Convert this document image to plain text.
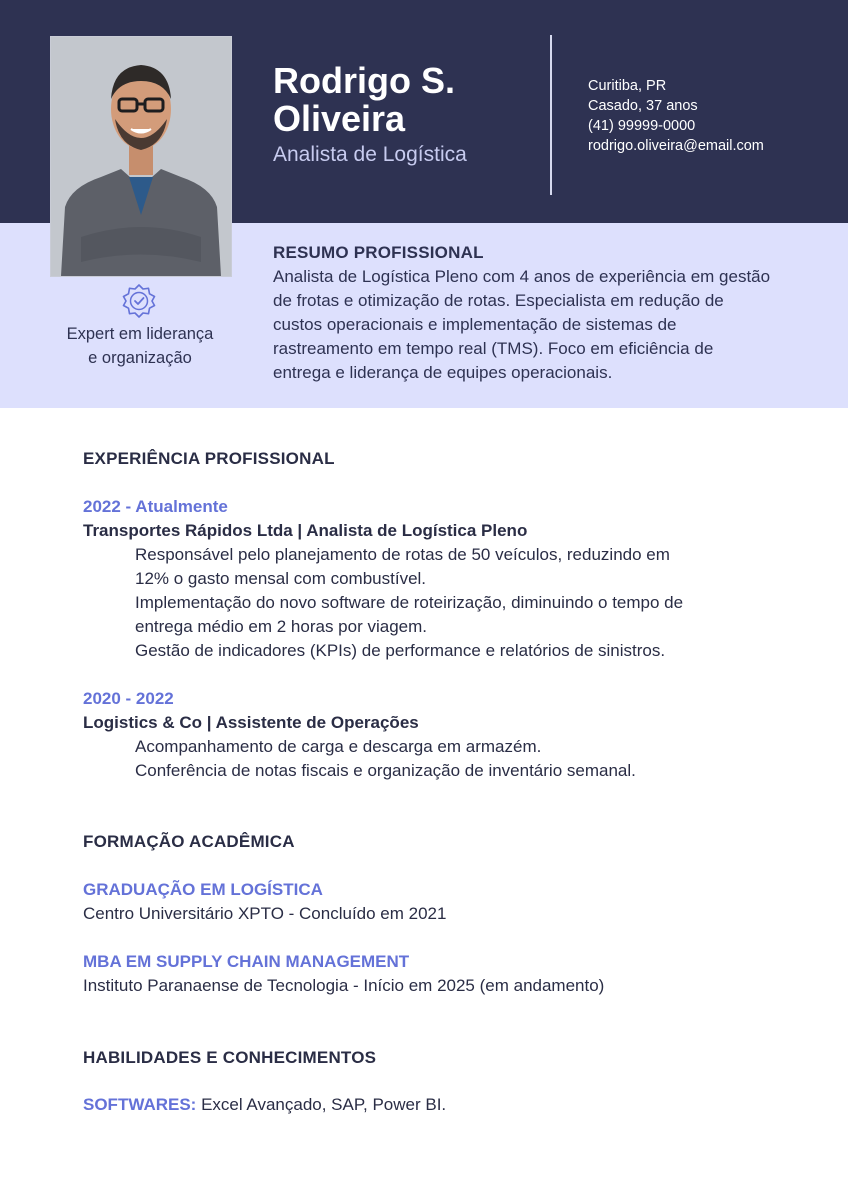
Rodrigo S.
Oliveira

Analista de Logística

Curitiba, PR
Casado, 37 anos
(41) 99999-0000
rodrigo.oliveira@email.com
Expert em liderança
e organização
RESUMO PROFISSIONAL

Analista de Logística Pleno com 4 anos de experiência em gestão de frotas e otimização de rotas. Especialista em redução de custos operacionais e implementação de sistemas de rastreamento em tempo real (TMS). Foco em eficiência de entrega e liderança de equipes operacionais.

EXPERIÊNCIA PROFISSIONAL

2022 - Atualmente

Transportes Rápidos Ltda | Analista de Logística Pleno

Responsável pelo planejamento de rotas de 50 veículos, reduzindo em 12% o gasto mensal com combustível.
Implementação do novo software de roteirização, diminuindo o tempo de entrega médio em 2 horas por viagem.
Gestão de indicadores (KPIs) de performance e relatórios de sinistros.

2020 - 2022

Logistics & Co | Assistente de Operações

Acompanhamento de carga e descarga em armazém.
Conferência de notas fiscais e organização de inventário semanal.
FORMAÇÃO ACADÊMICA

GRADUAÇÃO EM LOGÍSTICA

Centro Universitário XPTO - Concluído em 2021

MBA EM SUPPLY CHAIN MANAGEMENT

Instituto Paranaense de Tecnologia - Início em 2025 (em andamento)

HABILIDADES E CONHECIMENTOS

SOFTWARES: Excel Avançado, SAP, Power BI.
